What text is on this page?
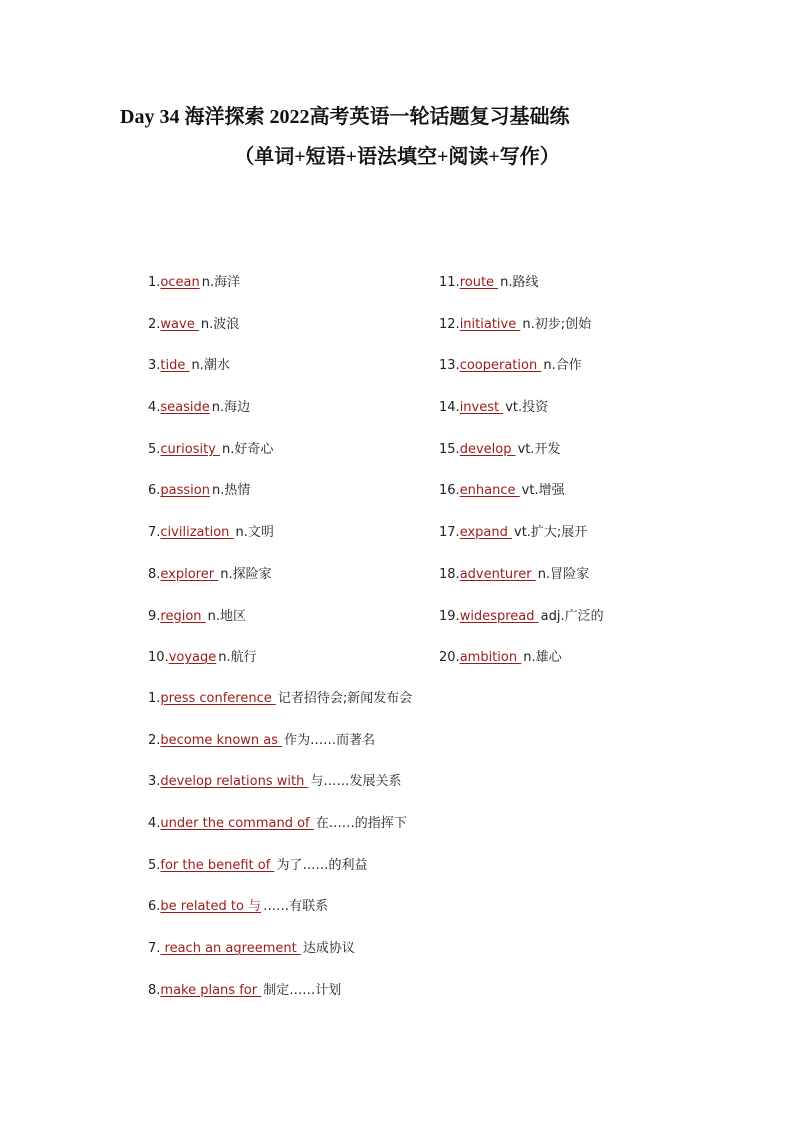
Day 34 海洋探索 2022高考英语一轮话题复习基础练
（单词+短语+语法填空+阅读+写作）
1.ocean n.海洋
2.wave n.波浪
3.tide n.潮水
4.seaside n.海边
5.curiosity n.好奇心
6.passion n.热情
7.civilization n.文明
8.explorer n.探险家
9.region n.地区
10.voyage n.航行
11.route n.路线
12.initiative n.初步;创始
13.cooperation n.合作
14.invest vt.投资
15.develop vt.开发
16.enhance vt.增强
17.expand vt.扩大;展开
18.adventurer n.冒险家
19.widespread adj.广泛的
20.ambition n.雄心
1.press conference 记者招待会;新闻发布会
2.become known as 作为……而著名
3.develop relations with 与……发展关系
4.under the command of 在……的指挥下
5.for the benefit of 为了……的利益
6.be related to 与 ……有联系
7. reach an agreement 达成协议
8.make plans for 制定……计划
